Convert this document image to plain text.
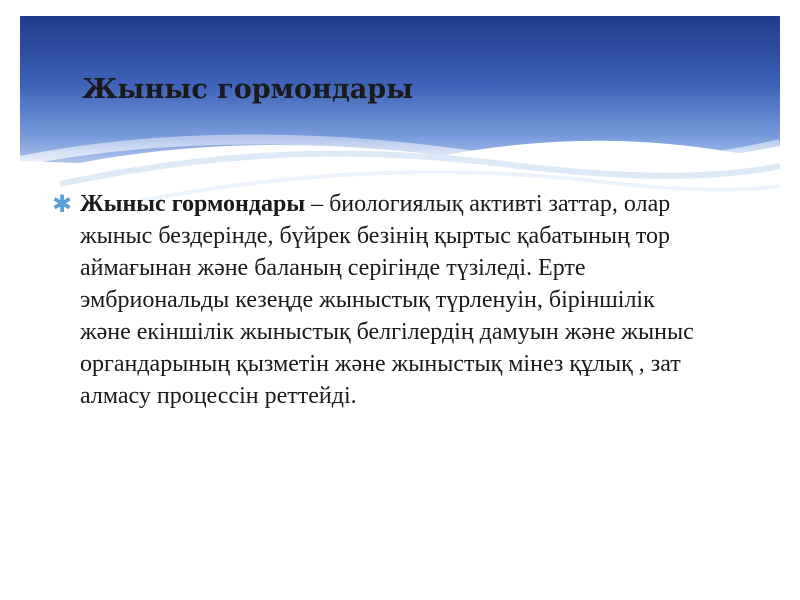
Жыныс гормондары
✱ Жыныс гормондары – биологиялық активті заттар, олар жыныс бездерінде, бүйрек безінің қыртыс қабатының тор аймағынан және баланың серігінде түзіледі. Ерте эмбриональды кезеңде жыныстық түрленуін, біріншілік және екіншілік жыныстық белгілердің дамуын және жыныс органдарының қызметін және жыныстық мінез құлық , зат алмасу процессін реттейді.
